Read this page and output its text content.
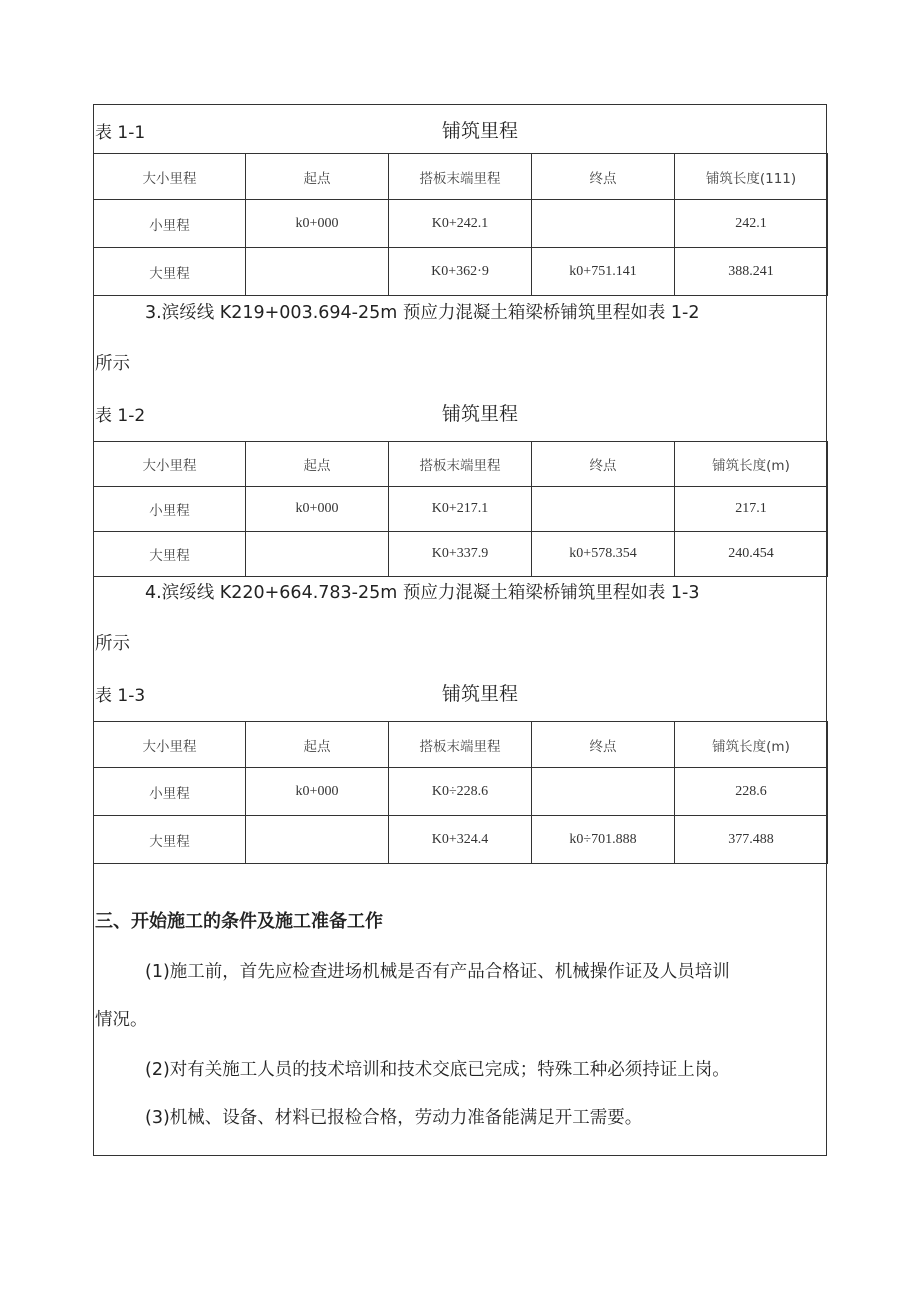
表 1-1	铺筑里程
大小里程	起点	搭板末端里程	终点	铺筑长度(111)
小里程	k0+000	K0+242.1		242.1
大里程		K0+362·9	k0+751.141	388.241
3.滨绥线 K219+003.694-25m 预应力混凝土箱梁桥铺筑里程如表 1-2
所示
表 1-2	铺筑里程
大小里程	起点	搭板末端里程	终点	铺筑长度(m)
小里程	k0+000	K0+217.1		217.1
大里程		K0+337.9	k0+578.354	240.454
4.滨绥线 K220+664.783-25m 预应力混凝土箱梁桥铺筑里程如表 1-3
所示
表 1-3	铺筑里程
大小里程	起点	搭板末端里程	终点	铺筑长度(m)
小里程	k0+000	K0÷228.6		228.6
大里程		K0+324.4	k0÷701.888	377.488
三、开始施工的条件及施工准备工作
(1)施工前，首先应检查进场机械是否有产品合格证、机械操作证及人员培训
情况。
(2)对有关施工人员的技术培训和技术交底已完成；特殊工种必须持证上岗。
(3)机械、设备、材料已报检合格，劳动力准备能满足开工需要。
